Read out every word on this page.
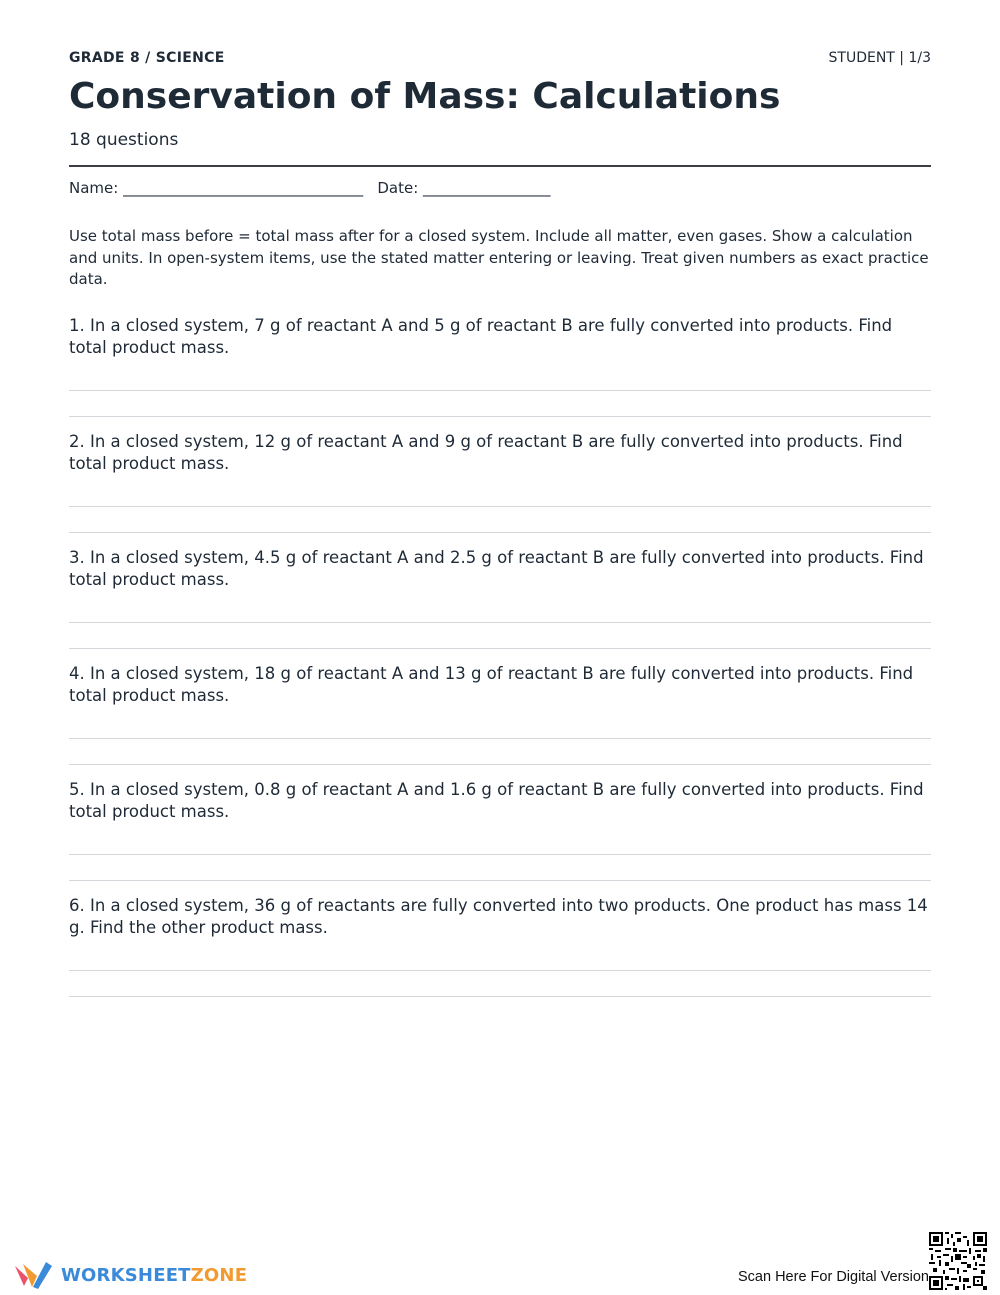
GRADE 8 / SCIENCE	STUDENT | 1/3
Conservation of Mass: Calculations
18 questions
Name: ________________________________   Date: _________________
Use total mass before = total mass after for a closed system. Include all matter, even gases. Show a calculation and units. In open-system items, use the stated matter entering or leaving. Treat given numbers as exact practice data.
1. In a closed system, 7 g of reactant A and 5 g of reactant B are fully converted into products. Find total product mass.
2. In a closed system, 12 g of reactant A and 9 g of reactant B are fully converted into products. Find total product mass.
3. In a closed system, 4.5 g of reactant A and 2.5 g of reactant B are fully converted into products. Find total product mass.
4. In a closed system, 18 g of reactant A and 13 g of reactant B are fully converted into products. Find total product mass.
5. In a closed system, 0.8 g of reactant A and 1.6 g of reactant B are fully converted into products. Find total product mass.
6. In a closed system, 36 g of reactants are fully converted into two products. One product has mass 14 g. Find the other product mass.
WORKSHEETZONE	Scan Here For Digital Version
